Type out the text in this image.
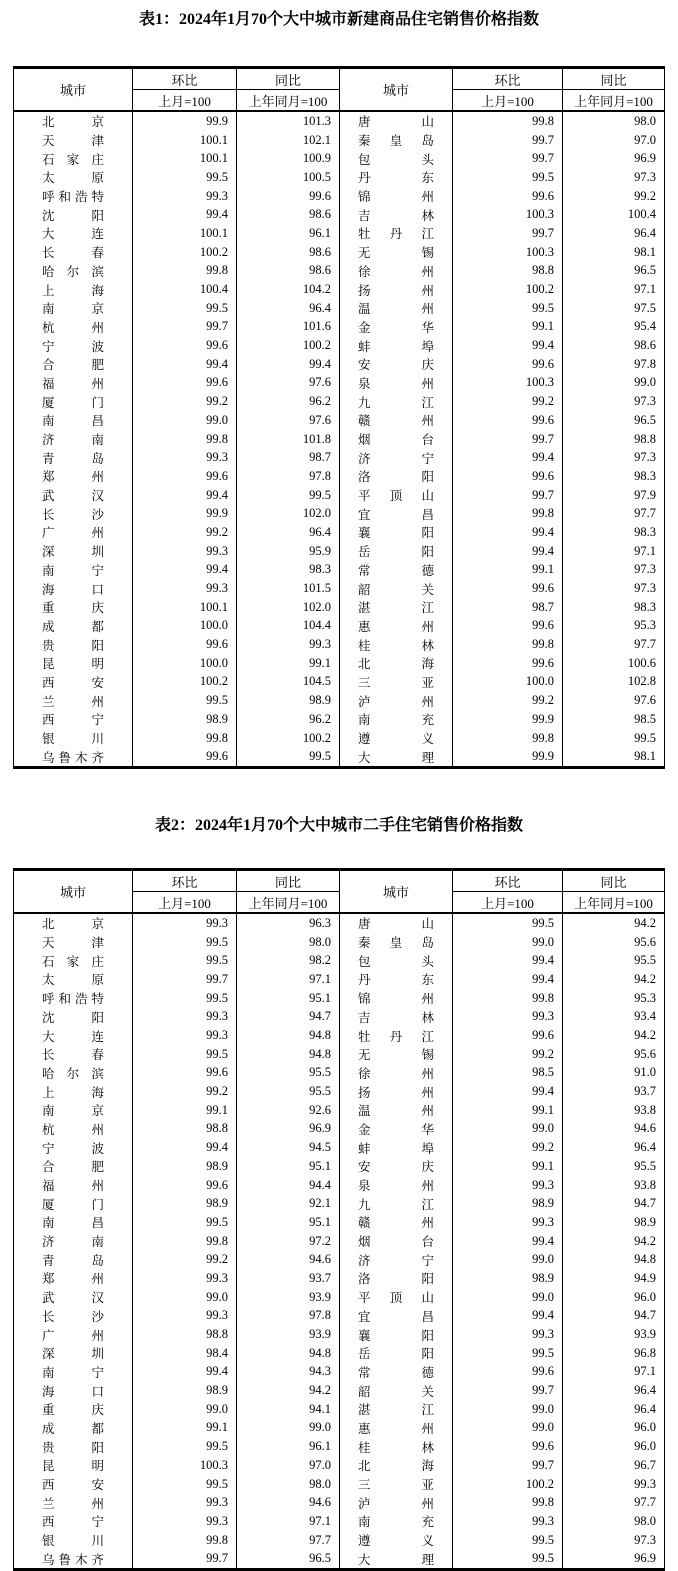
表1：2024年1月70个大中城市新建商品住宅销售价格指数
城市	环比	同比	城市	环比	同比
	上月=100	上年同月=100		上月=100	上年同月=100
北京	99.9	101.3	唐山	99.8	98.0
天津	100.1	102.1	秦皇岛	99.7	97.0
石家庄	100.1	100.9	包头	99.7	96.9
太原	99.5	100.5	丹东	99.5	97.3
呼和浩特	99.3	99.6	锦州	99.6	99.2
沈阳	99.4	98.6	吉林	100.3	100.4
大连	100.1	96.1	牡丹江	99.7	96.4
长春	100.2	98.6	无锡	100.3	98.1
哈尔滨	99.8	98.6	徐州	98.8	96.5
上海	100.4	104.2	扬州	100.2	97.1
南京	99.5	96.4	温州	99.5	97.5
杭州	99.7	101.6	金华	99.1	95.4
宁波	99.6	100.2	蚌埠	99.4	98.6
合肥	99.4	99.4	安庆	99.6	97.8
福州	99.6	97.6	泉州	100.3	99.0
厦门	99.2	96.2	九江	99.2	97.3
南昌	99.0	97.6	赣州	99.6	96.5
济南	99.8	101.8	烟台	99.7	98.8
青岛	99.3	98.7	济宁	99.4	97.3
郑州	99.6	97.8	洛阳	99.6	98.3
武汉	99.4	99.5	平顶山	99.7	97.9
长沙	99.9	102.0	宜昌	99.8	97.7
广州	99.2	96.4	襄阳	99.4	98.3
深圳	99.3	95.9	岳阳	99.4	97.1
南宁	99.4	98.3	常德	99.1	97.3
海口	99.3	101.5	韶关	99.6	97.3
重庆	100.1	102.0	湛江	98.7	98.3
成都	100.0	104.4	惠州	99.6	95.3
贵阳	99.6	99.3	桂林	99.8	97.7
昆明	100.0	99.1	北海	99.6	100.6
西安	100.2	104.5	三亚	100.0	102.8
兰州	99.5	98.9	泸州	99.2	97.6
西宁	98.9	96.2	南充	99.9	98.5
银川	99.8	100.2	遵义	99.8	99.5
乌鲁木齐	99.6	99.5	大理	99.9	98.1
表2：2024年1月70个大中城市二手住宅销售价格指数
城市	环比	同比	城市	环比	同比
	上月=100	上年同月=100		上月=100	上年同月=100
北京	99.3	96.3	唐山	99.5	94.2
天津	99.5	98.0	秦皇岛	99.0	95.6
石家庄	99.5	98.2	包头	99.4	95.5
太原	99.7	97.1	丹东	99.4	94.2
呼和浩特	99.5	95.1	锦州	99.8	95.3
沈阳	99.3	94.7	吉林	99.3	93.4
大连	99.3	94.8	牡丹江	99.6	94.2
长春	99.5	94.8	无锡	99.2	95.6
哈尔滨	99.6	95.5	徐州	98.5	91.0
上海	99.2	95.5	扬州	99.4	93.7
南京	99.1	92.6	温州	99.1	93.8
杭州	98.8	96.9	金华	99.0	94.6
宁波	99.4	94.5	蚌埠	99.2	96.4
合肥	98.9	95.1	安庆	99.1	95.5
福州	99.6	94.4	泉州	99.3	93.8
厦门	98.9	92.1	九江	98.9	94.7
南昌	99.5	95.1	赣州	99.3	98.9
济南	99.8	97.2	烟台	99.4	94.2
青岛	99.2	94.6	济宁	99.0	94.8
郑州	99.3	93.7	洛阳	98.9	94.9
武汉	99.0	93.9	平顶山	99.0	96.0
长沙	99.3	97.8	宜昌	99.4	94.7
广州	98.8	93.9	襄阳	99.3	93.9
深圳	98.4	94.8	岳阳	99.5	96.8
南宁	99.4	94.3	常德	99.6	97.1
海口	98.9	94.2	韶关	99.7	96.4
重庆	99.0	94.1	湛江	99.0	96.4
成都	99.1	99.0	惠州	99.0	96.0
贵阳	99.5	96.1	桂林	99.6	96.0
昆明	100.3	97.0	北海	99.7	96.7
西安	99.5	98.0	三亚	100.2	99.3
兰州	99.3	94.6	泸州	99.8	97.7
西宁	99.3	97.1	南充	99.3	98.0
银川	99.8	97.7	遵义	99.5	97.3
乌鲁木齐	99.7	96.5	大理	99.5	96.9
